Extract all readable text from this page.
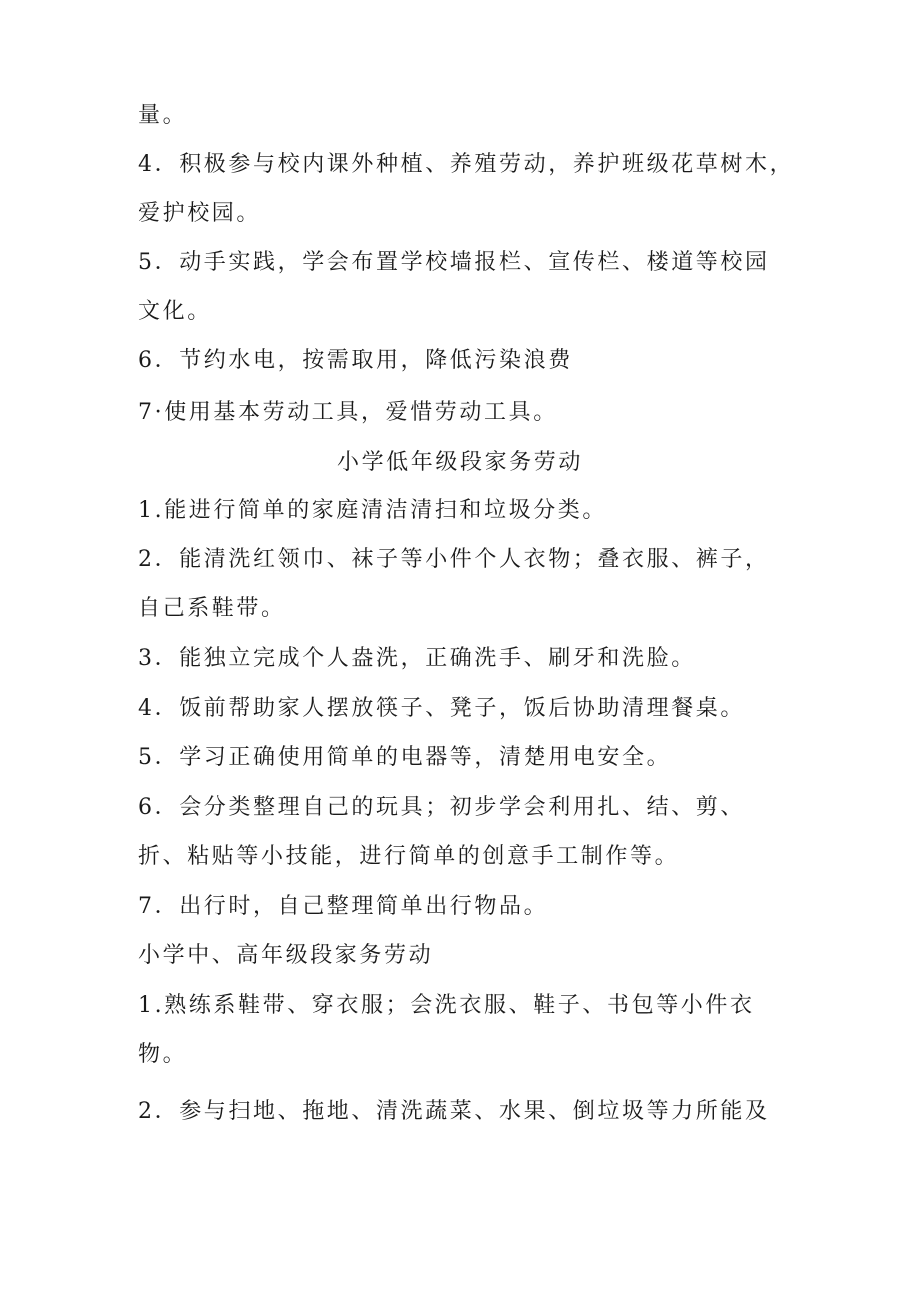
量。
4．积极参与校内课外种植、养殖劳动，养护班级花草树木，
爱护校园。
5．动手实践，学会布置学校墙报栏、宣传栏、楼道等校园
文化。
6．节约水电，按需取用，降低污染浪费
7·使用基本劳动工具，爱惜劳动工具。
小学低年级段家务劳动
1.能进行简单的家庭清洁清扫和垃圾分类。
2．能清洗红领巾、袜子等小件个人衣物；叠衣服、裤子，
自己系鞋带。
3．能独立完成个人盎洗，正确洗手、刷牙和洗脸。
4．饭前帮助家人摆放筷子、凳子，饭后协助清理餐桌。
5．学习正确使用简单的电器等，清楚用电安全。
6．会分类整理自己的玩具；初步学会利用扎、结、剪、
折、粘贴等小技能，进行简单的创意手工制作等。
7．出行时，自己整理简单出行物品。
小学中、高年级段家务劳动
1.熟练系鞋带、穿衣服；会洗衣服、鞋子、书包等小件衣
物。
2．参与扫地、拖地、清洗蔬菜、水果、倒垃圾等力所能及
